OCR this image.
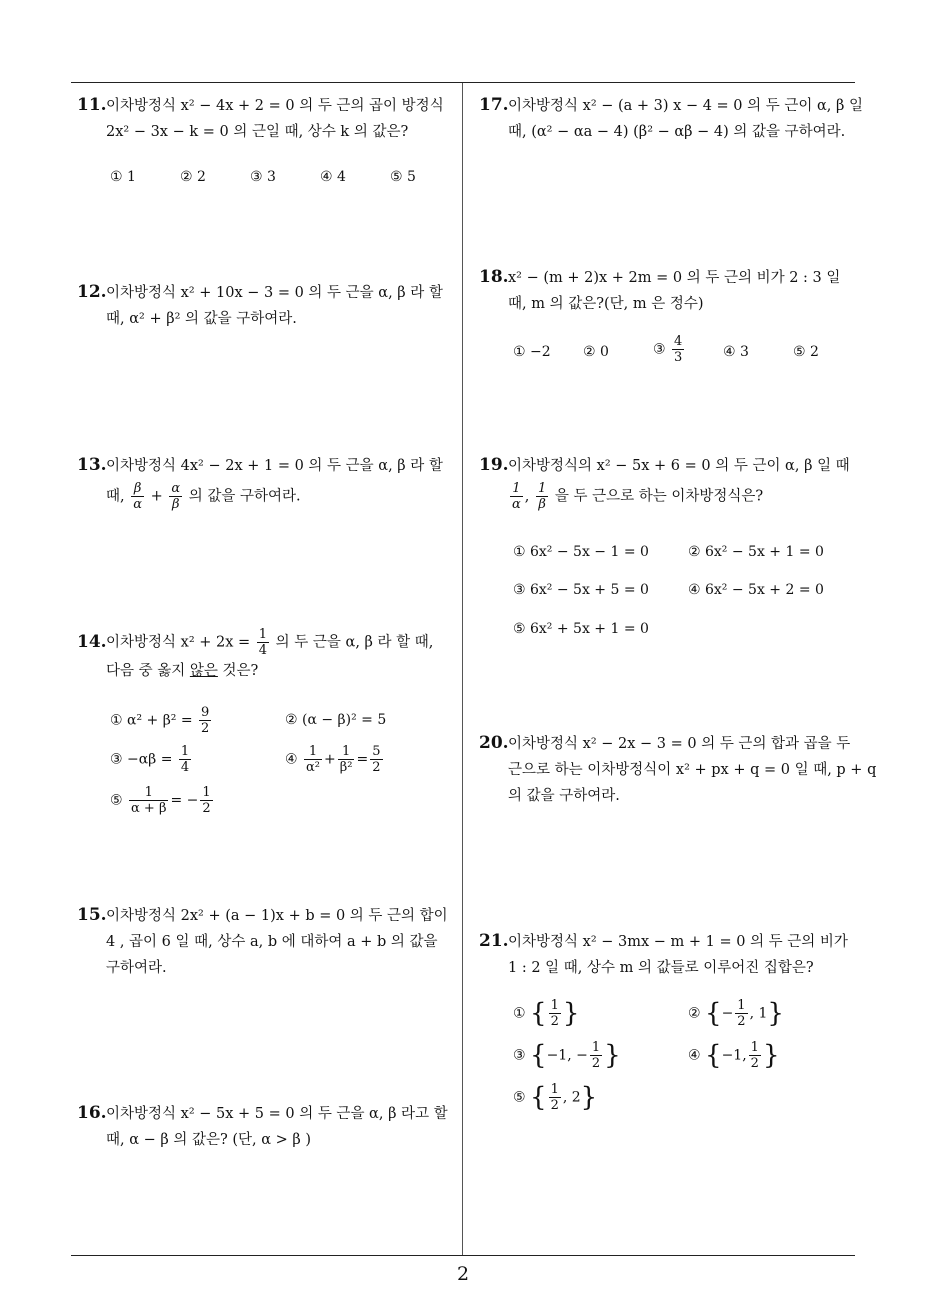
11.이차방정식 x² − 4x + 2 = 0 의 두 근의 곱이 방정식
2x² − 3x − k = 0 의 근일 때, 상수 k 의 값은?
① 1	② 2	③ 3	④ 4	⑤ 5
12.이차방정식 x² + 10x − 3 = 0 의 두 근을 α, β 라 할
때, α² + β² 의 값을 구하여라.
13.이차방정식 4x² − 2x + 1 = 0 의 두 근을 α, β 라 할
때, $\frac{\beta}{\alpha} + \frac{\alpha}{\beta}$ 의 값을 구하여라.
14.이차방정식 $x^2 + 2x = \frac{1}{4}$ 의 두 근을 α, β 라 할 때,
다음 중 옳지 않은 것은?
① $\alpha^2 + \beta^2 = \frac{9}{2}$	② (α − β)² = 5
③ $-\alpha\beta = \frac{1}{4}$	④ $\frac{1}{\text{α²}} + \frac{1}{\text{β²}} = \frac{5}{2}$
⑤ $\frac{1}{\alpha + \beta}$ = − $\frac{1}{2}$
15.이차방정식 2x² + (a − 1)x + b = 0 의 두 근의 합이
4 , 곱이 6 일 때, 상수 a, b 에 대하여 a + b 의 값을
구하여라.
16.이차방정식 x² − 5x + 5 = 0 의 두 근을 α, β 라고 할
때, α − β 의 값은? (단, α > β )
17.이차방정식 x² − (a + 3) x − 4 = 0 의 두 근이 α, β 일
때, (α² − αa − 4) (β² − αβ − 4) 의 값을 구하여라.
18.x² − (m + 2)x + 2m = 0 의 두 근의 비가 2 : 3 일
때, m 의 값은?(단, m 은 정수)
① −2 ② 0	③ $\frac{4}{3}$	④ 3	⑤ 2
19.이차방정식의 x² − 5x + 6 = 0 의 두 근이 α, β 일 때
$\frac{1}{\alpha}$ , $\frac{1}{\beta}$ 을 두 근으로 하는 이차방정식은?
① 6x² − 5x − 1 = 0	② 6x² − 5x + 1 = 0
③ 6x² − 5x + 5 = 0	④ 6x² − 5x + 2 = 0
⑤ 6x² + 5x + 1 = 0
20.이차방정식 x² − 2x − 3 = 0 의 두 근의 합과 곱을 두
근으로 하는 이차방정식이 x² + px + q = 0 일 때, p + q
의 값을 구하여라.
21.이차방정식 x² − 3mx − m + 1 = 0 의 두 근의 비가
1 : 2 일 때, 상수 m 의 값들로 이루어진 집합은?
① { $\frac{1}{2}$ }	② {− $\frac{1}{2}$ , 1}
③ {−1, − $\frac{1}{2}$ }	④ {−1, $\frac{1}{2}$ }
⑤ { $\frac{1}{2}$ , 2}
2
